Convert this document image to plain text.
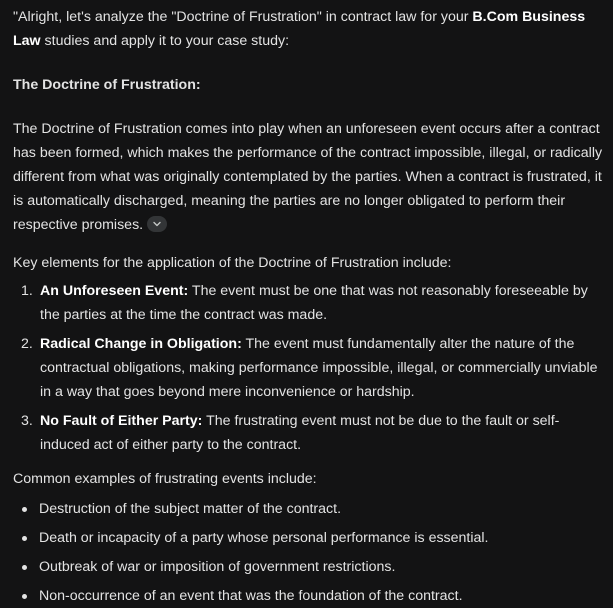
"Alright, let's analyze the "Doctrine of Frustration" in contract law for your B.Com Business Law studies and apply it to your case study:

The Doctrine of Frustration:

The Doctrine of Frustration comes into play when an unforeseen event occurs after a contract has been formed, which makes the performance of the contract impossible, illegal, or radically different from what was originally contemplated by the parties. When a contract is frustrated, it is automatically discharged, meaning the parties are no longer obligated to perform their respective promises.

Key elements for the application of the Doctrine of Frustration include:

1. An Unforeseen Event: The event must be one that was not reasonably foreseeable by the parties at the time the contract was made.
2. Radical Change in Obligation: The event must fundamentally alter the nature of the contractual obligations, making performance impossible, illegal, or commercially unviable in a way that goes beyond mere inconvenience or hardship.
3. No Fault of Either Party: The frustrating event must not be due to the fault or self-induced act of either party to the contract.

Common examples of frustrating events include:

Destruction of the subject matter of the contract.
Death or incapacity of a party whose personal performance is essential.
Outbreak of war or imposition of government restrictions.
Non-occurrence of an event that was the foundation of the contract.
